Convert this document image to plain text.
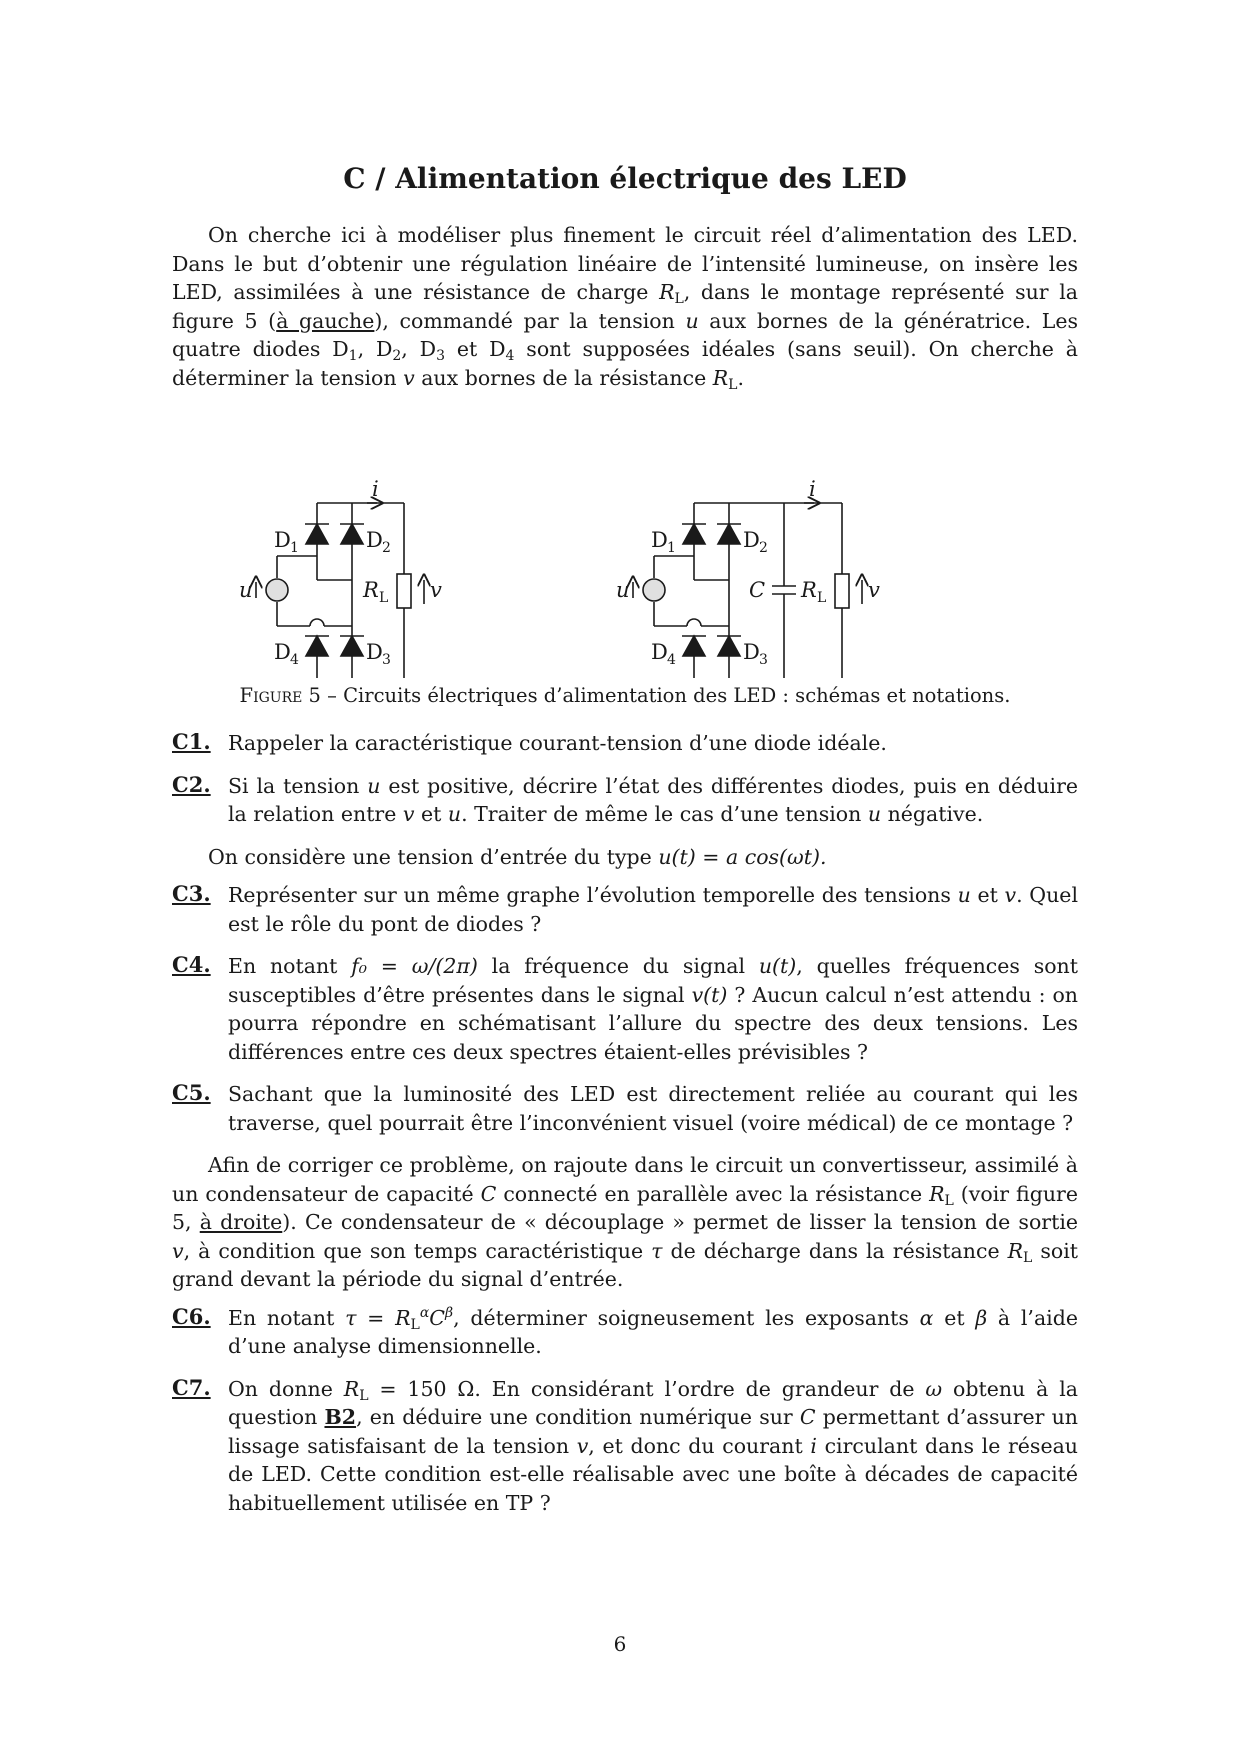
C / Alimentation électrique des LED

On cherche ici à modéliser plus finement le circuit réel d’alimentation des LED. Dans le but d’obtenir une régulation linéaire de l’intensité lumineuse, on insère les LED, assimilées à une résistance de charge $R_L$, dans le montage représenté sur la figure 5 (à gauche), commandé par la tension u aux bornes de la génératrice. Les quatre diodes $D_1$, $D_2$, $D_3$ et $D_4$ sont supposées idéales (sans seuil). On cherche à déterminer la tension v aux bornes de la résistance $R_L$.

i
D 1	D 2
D 4	D 3
u	R L v
i
D 1	D 2
D 4	D 3
u	C R L v
Figure 5 – Circuits électriques d’alimentation des LED : schémas et notations.
C1. Rappeler la caractéristique courant-tension d’une diode idéale.

C2. Si la tension u est positive, décrire l’état des différentes diodes, puis en déduire la relation entre v et u. Traiter de même le cas d’une tension u négative.

On considère une tension d’entrée du type u(t) = a cos(ωt).

C3. Représenter sur un même graphe l’évolution temporelle des tensions u et v. Quel est le rôle du pont de diodes ?

C4. En notant f₀ = ω/(2π) la fréquence du signal u(t), quelles fréquences sont susceptibles d’être présentes dans le signal v(t) ? Aucun calcul n’est attendu : on pourra répondre en schématisant l’allure du spectre des deux tensions. Les différences entre ces deux spectres étaient-elles prévisibles ?

C5. Sachant que la luminosité des LED est directement reliée au courant qui les traverse, quel pourrait être l’inconvénient visuel (voire médical) de ce montage ?

Afin de corriger ce problème, on rajoute dans le circuit un convertisseur, assimilé à un condensateur de capacité C connecté en parallèle avec la résistance $R_L$ (voir figure 5, à droite). Ce condensateur de « découplage » permet de lisser la tension de sortie v, à condition que son temps caractéristique τ de décharge dans la résistance $R_L$ soit grand devant la période du signal d’entrée.

C6. En notant $\tau = R_L^\alpha C^\beta$, déterminer soigneusement les exposants α et β à l’aide d’une analyse dimensionnelle.

C7. On donne $R_L = 150$ Ω. En considérant l’ordre de grandeur de ω obtenu à la question B2, en déduire une condition numérique sur C permettant d’assurer un lissage satisfaisant de la tension v, et donc du courant i circulant dans le réseau de LED. Cette condition est-elle réalisable avec une boîte à décades de capacité habituellement utilisée en TP ?

6
